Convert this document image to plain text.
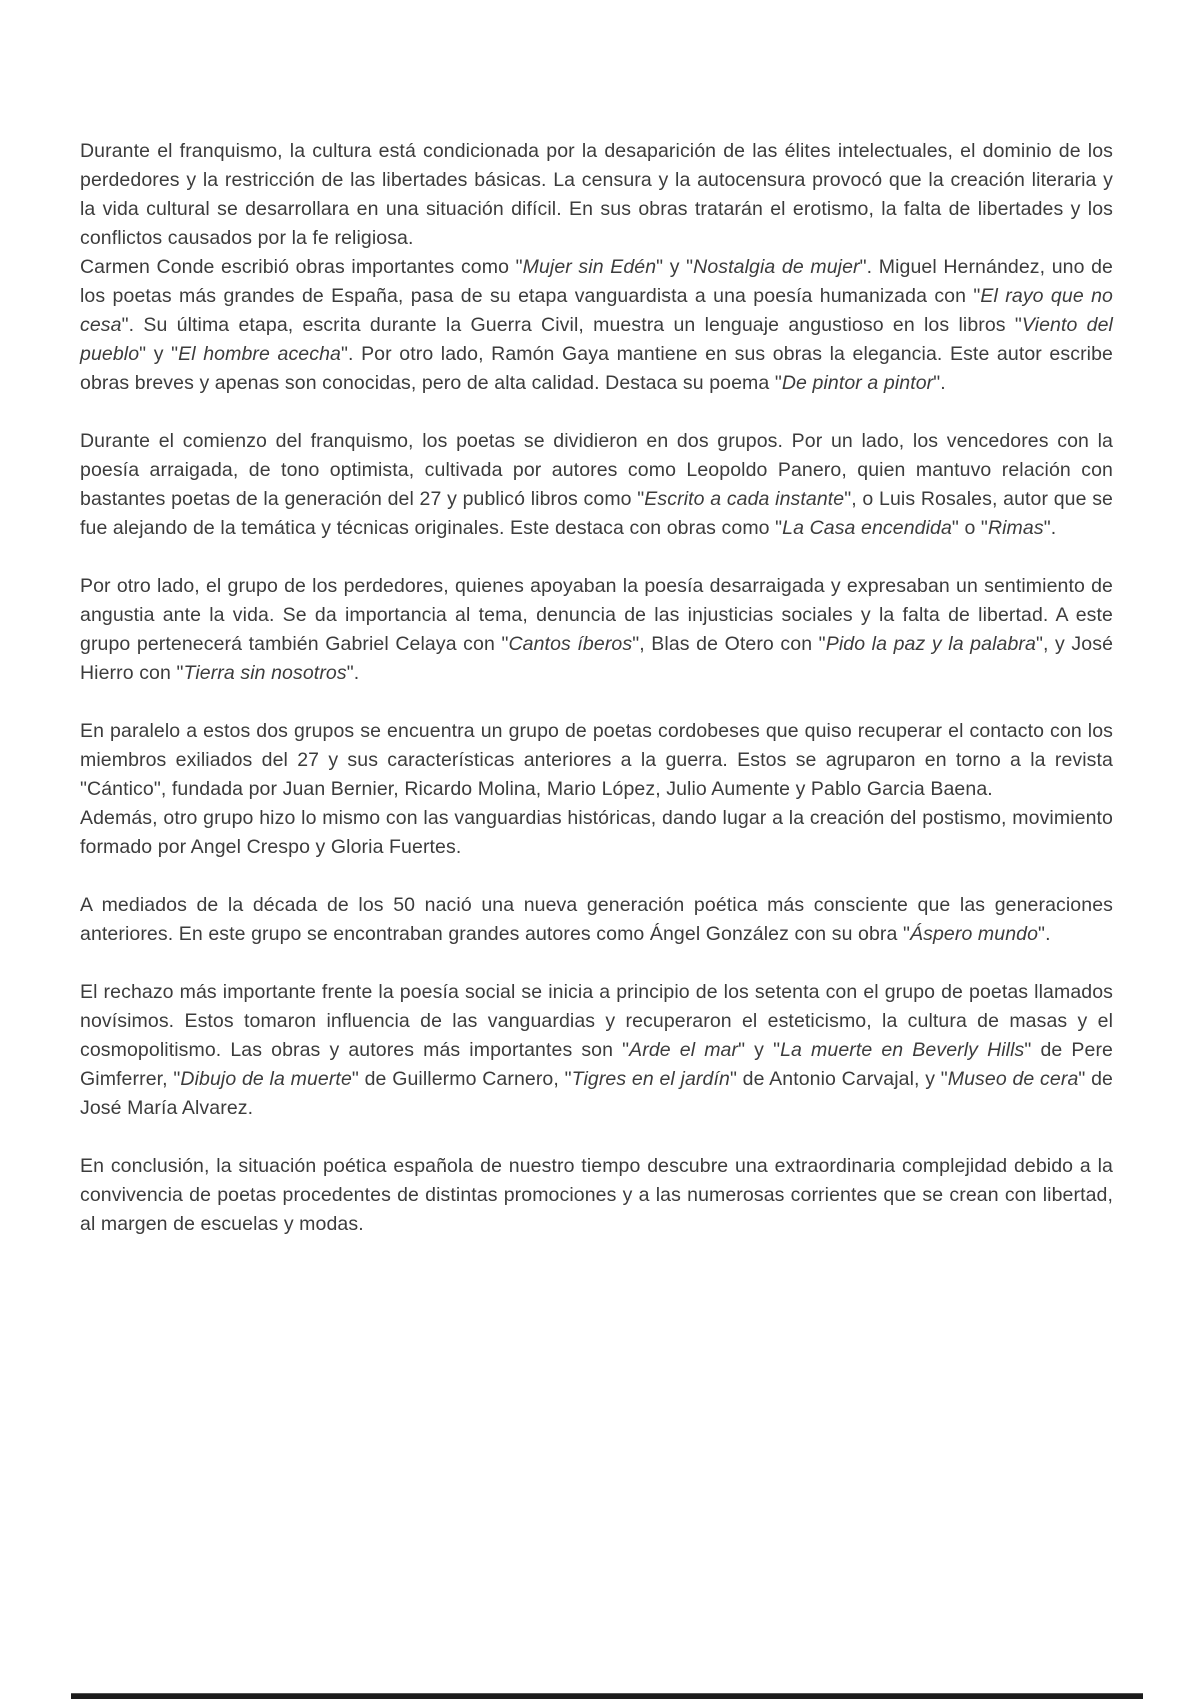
Durante el franquismo, la cultura está condicionada por la desaparición de las élites intelectuales, el dominio de los perdedores y la restricción de las libertades básicas. La censura y la autocensura provocó que la creación literaria y la vida cultural se desarrollara en una situación difícil. En sus obras tratarán el erotismo, la falta de libertades y los conflictos causados por la fe religiosa.

Carmen Conde escribió obras importantes como "Mujer sin Edén" y "Nostalgia de mujer". Miguel Hernández, uno de los poetas más grandes de España, pasa de su etapa vanguardista a una poesía humanizada con "El rayo que no cesa". Su última etapa, escrita durante la Guerra Civil, muestra un lenguaje angustioso en los libros "Viento del pueblo" y "El hombre acecha". Por otro lado, Ramón Gaya mantiene en sus obras la elegancia. Este autor escribe obras breves y apenas son conocidas, pero de alta calidad. Destaca su poema "De pintor a pintor".

Durante el comienzo del franquismo, los poetas se dividieron en dos grupos. Por un lado, los vencedores con la poesía arraigada, de tono optimista, cultivada por autores como Leopoldo Panero, quien mantuvo relación con bastantes poetas de la generación del 27 y publicó libros como "Escrito a cada instante", o Luis Rosales, autor que se fue alejando de la temática y técnicas originales. Este destaca con obras como "La Casa encendida" o "Rimas".

Por otro lado, el grupo de los perdedores, quienes apoyaban la poesía desarraigada y expresaban un sentimiento de angustia ante la vida. Se da importancia al tema, denuncia de las injusticias sociales y la falta de libertad. A este grupo pertenecerá también Gabriel Celaya con "Cantos íberos", Blas de Otero con "Pido la paz y la palabra", y José Hierro con "Tierra sin nosotros".

En paralelo a estos dos grupos se encuentra un grupo de poetas cordobeses que quiso recuperar el contacto con los miembros exiliados del 27 y sus características anteriores a la guerra. Estos se agruparon en torno a la revista "Cántico", fundada por Juan Bernier, Ricardo Molina, Mario López, Julio Aumente y Pablo Garcia Baena.

Además, otro grupo hizo lo mismo con las vanguardias históricas, dando lugar a la creación del postismo, movimiento formado por Angel Crespo y Gloria Fuertes.

A mediados de la década de los 50 nació una nueva generación poética más consciente que las generaciones anteriores. En este grupo se encontraban grandes autores como Ángel González con su obra "Áspero mundo".

El rechazo más importante frente la poesía social se inicia a principio de los setenta con el grupo de poetas llamados novísimos. Estos tomaron influencia de las vanguardias y recuperaron el esteticismo, la cultura de masas y el cosmopolitismo. Las obras y autores más importantes son "Arde el mar" y "La muerte en Beverly Hills" de Pere Gimferrer, "Dibujo de la muerte" de Guillermo Carnero, "Tigres en el jardín" de Antonio Carvajal, y "Museo de cera" de José María Alvarez.

En conclusión, la situación poética española de nuestro tiempo descubre una extraordinaria complejidad debido a la convivencia de poetas procedentes de distintas promociones y a las numerosas corrientes que se crean con libertad, al margen de escuelas y modas.
